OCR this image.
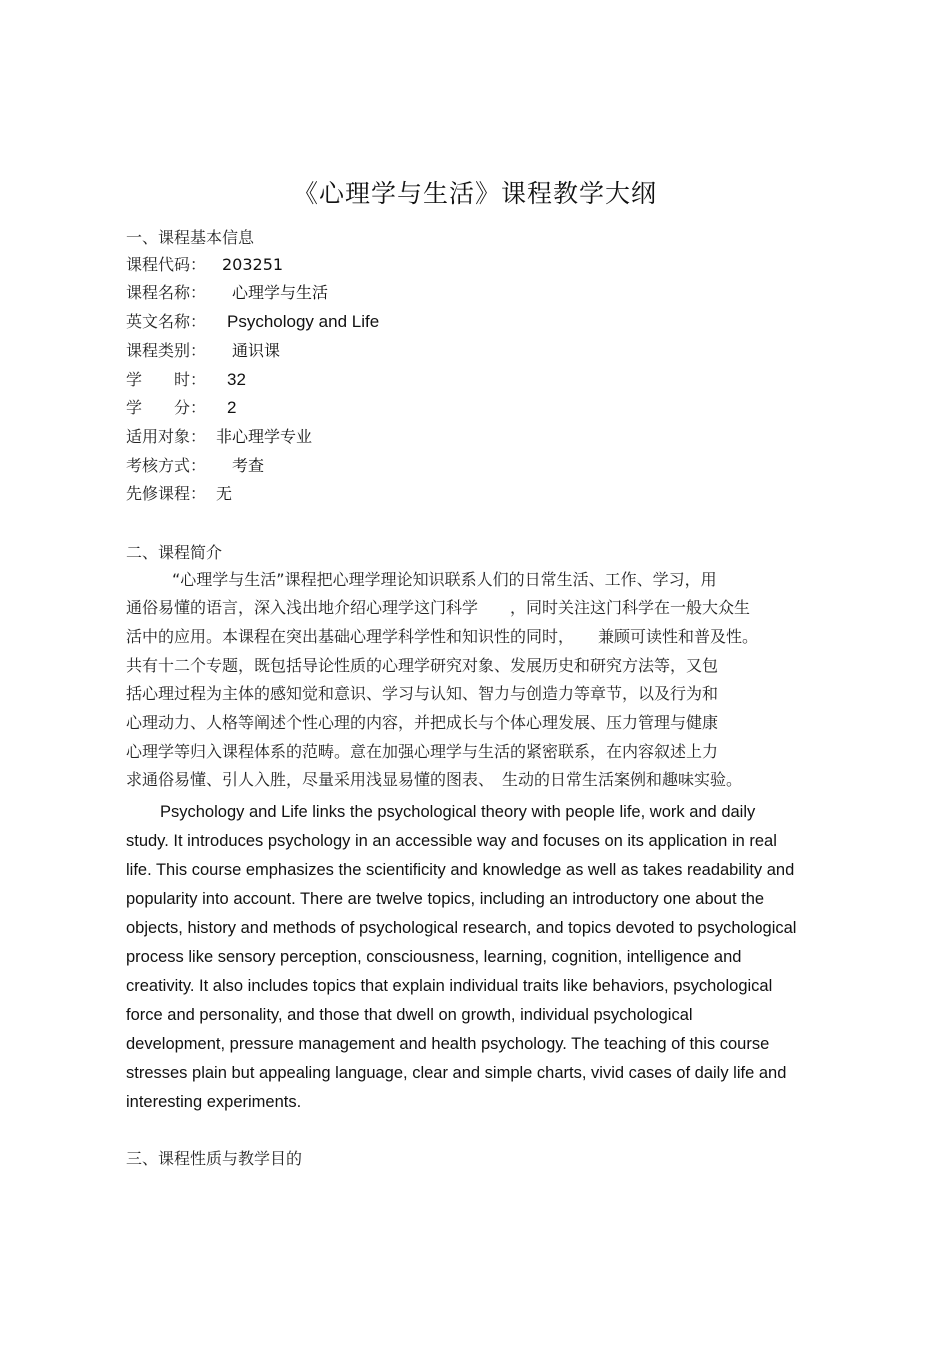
《心理学与生活》课程教学大纲
一、课程基本信息
课程代码： 203251
课程名称： 心理学与生活
英文名称： Psychology and Life
课程类别： 通识课
学　　时： 32
学　　分： 2
适用对象： 非心理学专业
考核方式： 考查
先修课程： 无
二、课程简介
“心理学与生活”课程把心理学理论知识联系人们的日常生活、工作、学习，用
通俗易懂的语言，深入浅出地介绍心理学这门科学　　，同时关注这门科学在一般大众生
活中的应用。本课程在突出基础心理学科学性和知识性的同时，　　兼顾可读性和普及性。
共有十二个专题，既包括导论性质的心理学研究对象、发展历史和研究方法等，又包
括心理过程为主体的感知觉和意识、学习与认知、智力与创造力等章节，以及行为和
心理动力、人格等阐述个性心理的内容，并把成长与个体心理发展、压力管理与健康
心理学等归入课程体系的范畴。意在加强心理学与生活的紧密联系，在内容叙述上力
求通俗易懂、引人入胜，尽量采用浅显易懂的图表、　生动的日常生活案例和趣味实验。
Psychology and Life links the psychological theory with people life, work and daily
study. It introduces psychology in an accessible way and focuses on its application in real
life. This course emphasizes the scientificity and knowledge as well as takes readability and
popularity into account. There are twelve topics, including an introductory one about the
objects, history and methods of psychological research, and topics devoted to psychological
process like sensory perception, consciousness, learning, cognition, intelligence and
creativity. It also includes topics that explain individual traits like behaviors, psychological
force and personality, and those that dwell on growth, individual psychological
development, pressure management and health psychology. The teaching of this course
stresses plain but appealing language, clear and simple charts, vivid cases of daily life and
interesting experiments.
三、课程性质与教学目的
